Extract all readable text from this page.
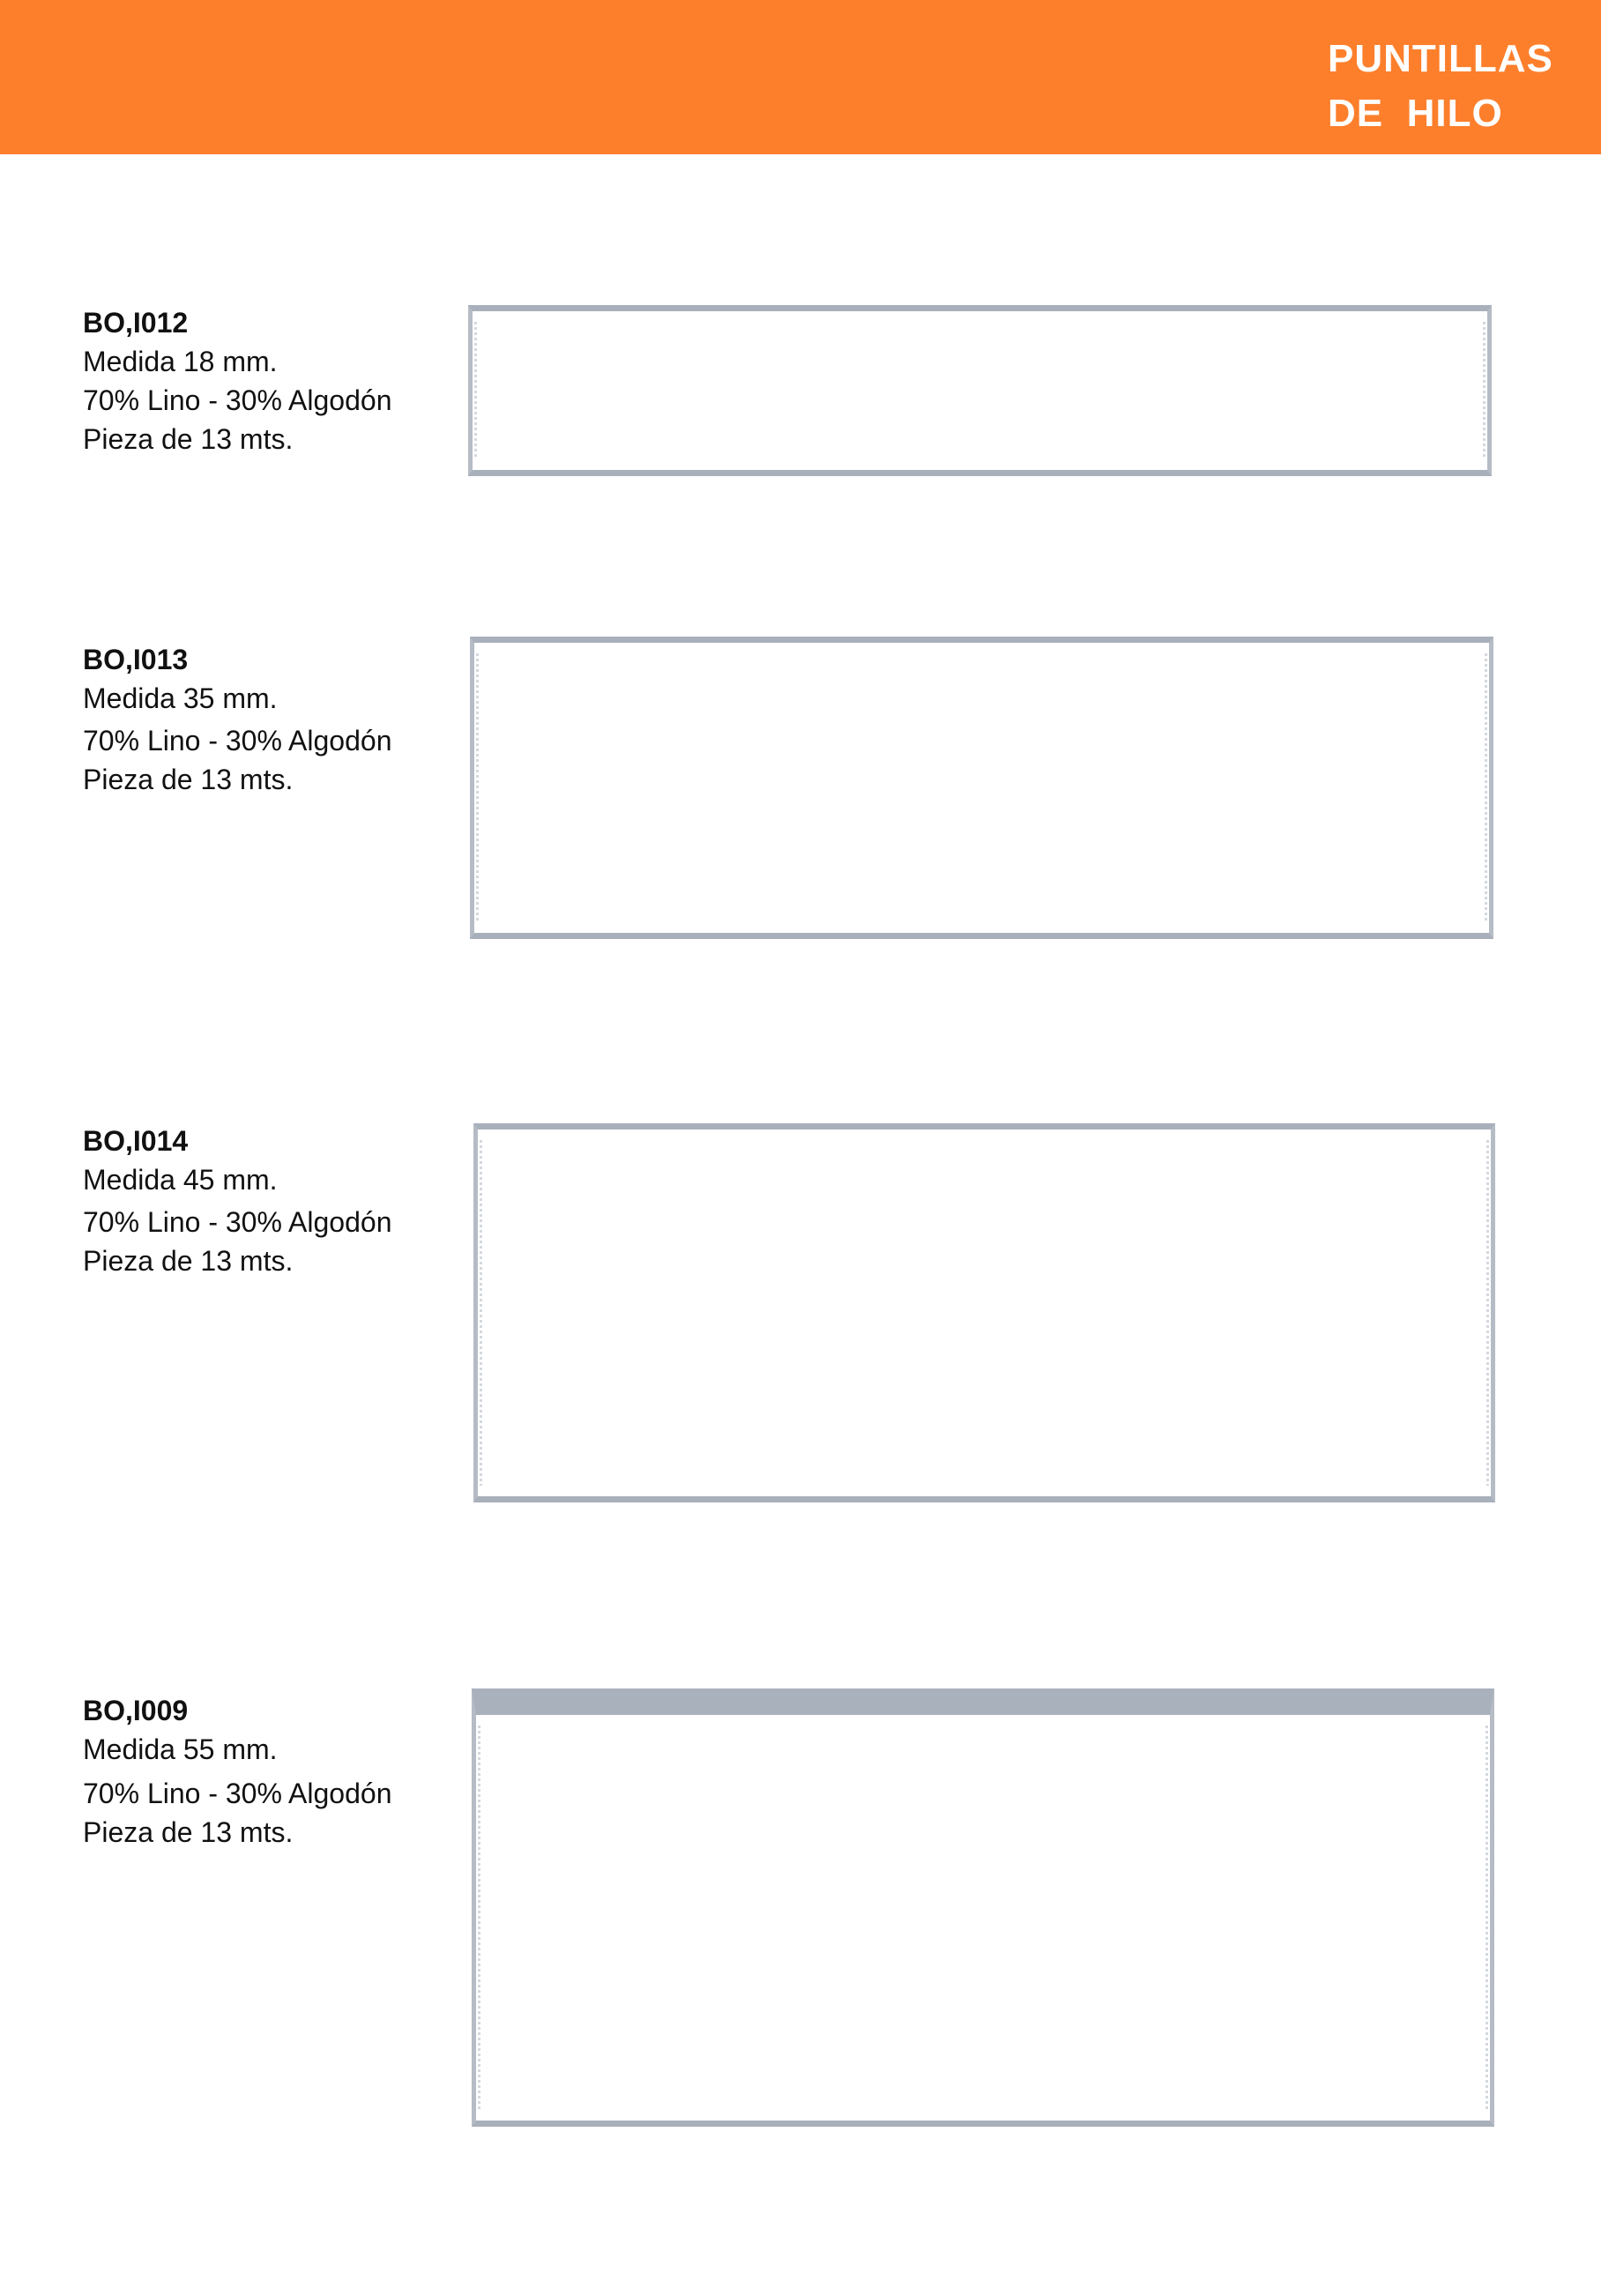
PUNTILLAS
DE  HILO
BO,I012
Medida 18 mm.
70% Lino - 30% Algodón
Pieza de 13 mts.
BO,I013
Medida 35 mm.
70% Lino - 30% Algodón
Pieza de 13 mts.
BO,I014
Medida 45 mm.
70% Lino - 30% Algodón
Pieza de 13 mts.
BO,I009
Medida 55 mm.
70% Lino - 30% Algodón
Pieza de 13 mts.
